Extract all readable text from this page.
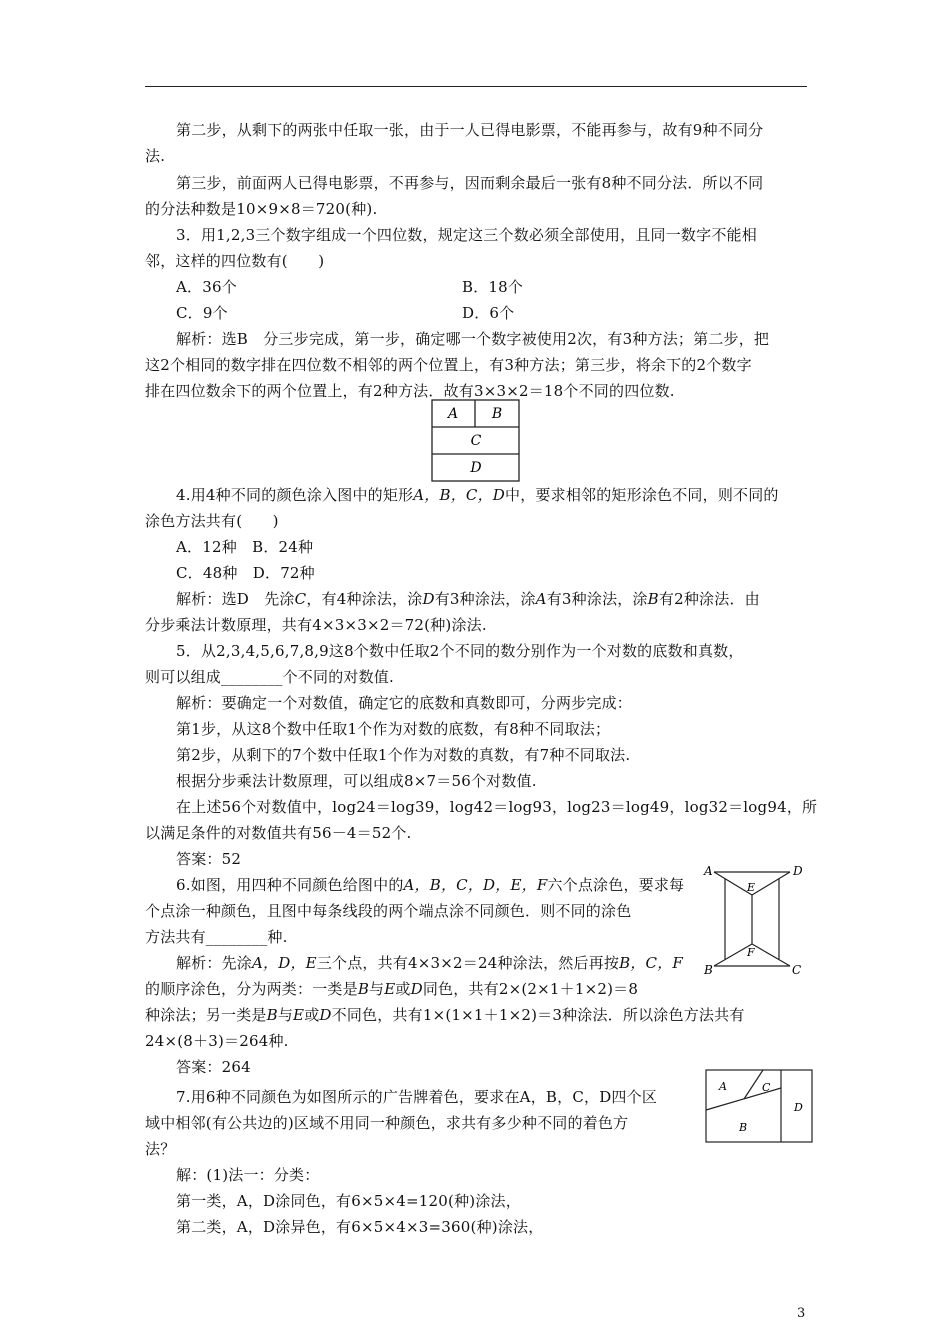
第二步，从剩下的两张中任取一张，由于一人已得电影票，不能再参与，故有9种不同分
法.
第三步，前面两人已得电影票，不再参与，因而剩余最后一张有8种不同分法．所以不同
的分法种数是10×9×8＝720(种).
3．用1,2,3三个数字组成一个四位数，规定这三个数必须全部使用，且同一数字不能相
邻，这样的四位数有(　　)
A．36个	B．18个
C．9个	D．6个
解析：选B　分三步完成，第一步，确定哪一个数字被使用2次，有3种方法；第二步，把
这2个相同的数字排在四位数不相邻的两个位置上，有3种方法；第三步，将余下的2个数字
排在四位数余下的两个位置上，有2种方法．故有3×3×2＝18个不同的四位数.
A B
C
D
4.用4种不同的颜色涂入图中的矩形A，B，C，D中，要求相邻的矩形涂色不同，则不同的
涂色方法共有(　　)
A．12种　B．24种
C．48种　D．72种
解析：选D　先涂C，有4种涂法，涂D有3种涂法，涂A有3种涂法，涂B有2种涂法．由
分步乘法计数原理，共有4×3×3×2＝72(种)涂法.
5．从2,3,4,5,6,7,8,9这8个数中任取2个不同的数分别作为一个对数的底数和真数，
则可以组成________个不同的对数值.
解析：要确定一个对数值，确定它的底数和真数即可，分两步完成：
第1步，从这8个数中任取1个作为对数的底数，有8种不同取法；
第2步，从剩下的7个数中任取1个作为对数的真数，有7种不同取法.
根据分步乘法计数原理，可以组成8×7＝56个对数值.
在上述56个对数值中，log24＝log39，log42＝log93，log23＝log49，log32＝log94，所
以满足条件的对数值共有56－4＝52个.
答案：52
6.如图，用四种不同颜色给图中的A，B，C，D，E，F六个点涂色，要求每
个点涂一种颜色，且图中每条线段的两个端点涂不同颜色．则不同的涂色
方法共有________种.
解析：先涂A，D，E三个点，共有4×3×2＝24种涂法，然后再按B，C，F
的顺序涂色，分为两类：一类是B与E或D同色，共有2×(2×1＋1×2)＝8
种涂法；另一类是B与E或D不同色，共有1×(1×1＋1×2)＝3种涂法．所以涂色方法共有
24×(8＋3)＝264种.
答案：264
A	D
E
F
B	C
7.用6种不同颜色为如图所示的广告牌着色，要求在A，B，C，D四个区
域中相邻(有公共边的)区域不用同一种颜色，求共有多少种不同的着色方
法？
解：(1)法一：分类：
第一类，A，D涂同色，有6×5×4=120(种)涂法，
第二类，A，D涂异色，有6×5×4×3=360(种)涂法，
A	C
D
B
3
